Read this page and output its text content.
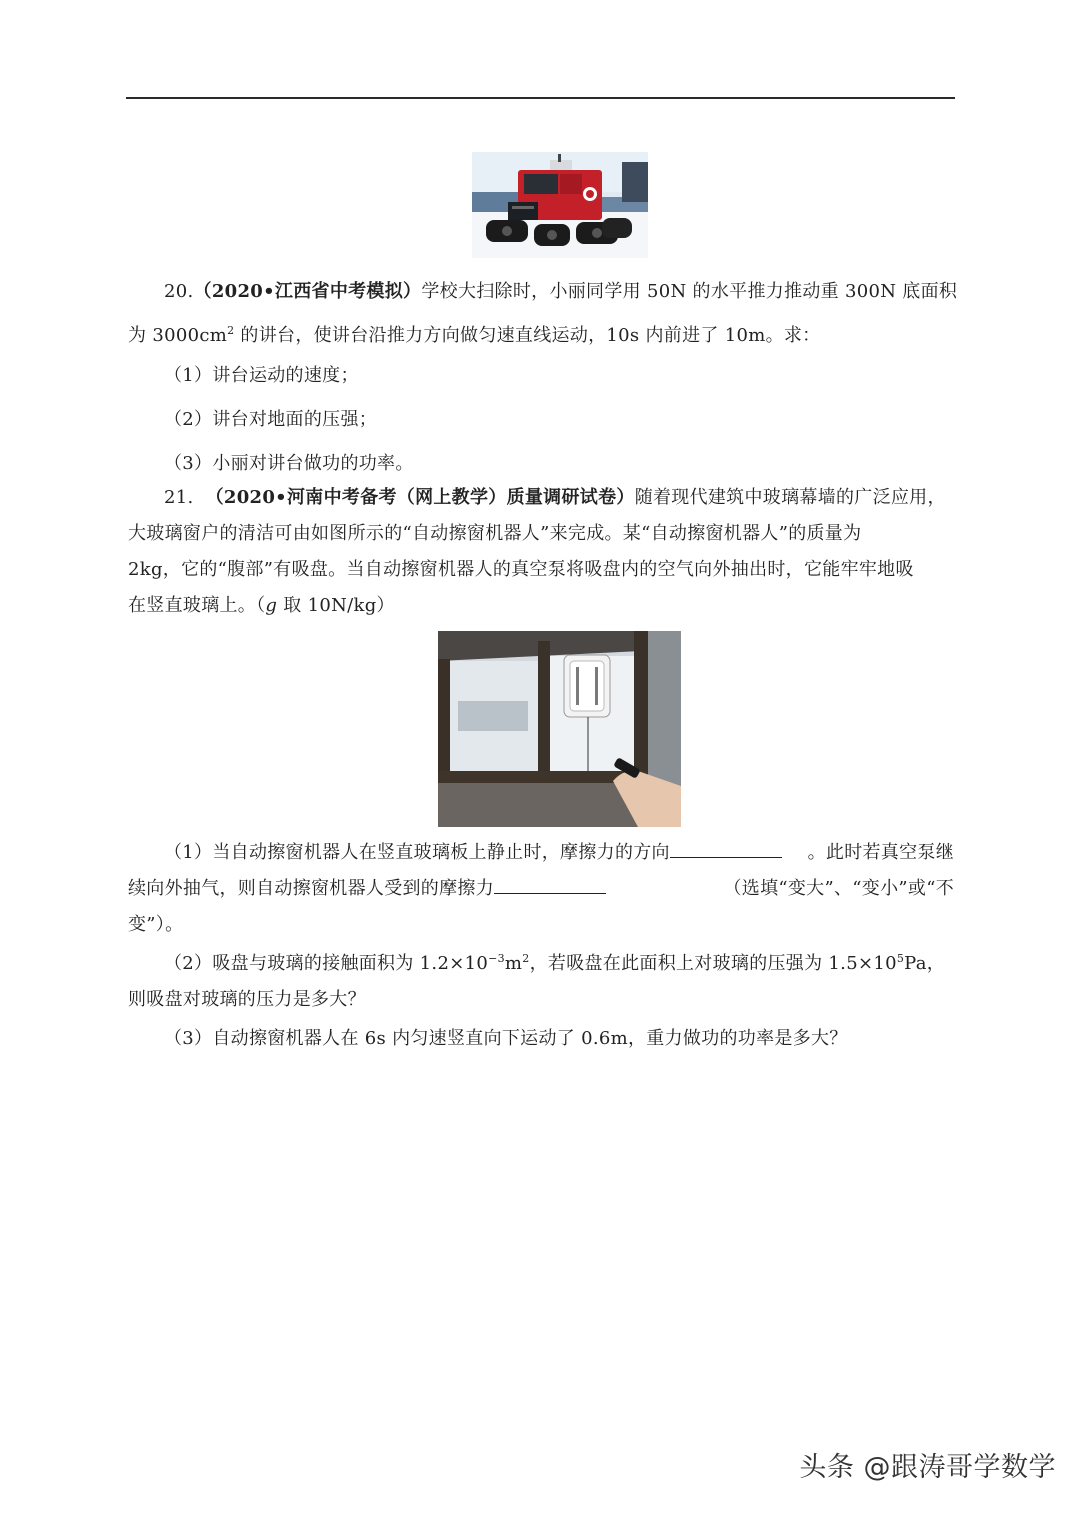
20.（2020•江西省中考模拟）学校大扫除时，小丽同学用 50N 的水平推力推动重 300N 底面积

为 $3000cm^2$ 的讲台，使讲台沿推力方向做匀速直线运动，10s 内前进了 10m。求：

（1）讲台运动的速度；

（2）讲台对地面的压强；

（3）小丽对讲台做功的功率。

21. （2020•河南中考备考（网上教学）质量调研试卷）随着现代建筑中玻璃幕墙的广泛应用，

大玻璃窗户的清洁可由如图所示的“自动擦窗机器人”来完成。某“自动擦窗机器人”的质量为

2kg，它的“腹部”有吸盘。当自动擦窗机器人的真空泵将吸盘内的空气向外抽出时，它能牢牢地吸

在竖直玻璃上。（g 取 10N/kg）

（1）当自动擦窗机器人在竖直玻璃板上静止时，摩擦力的方向	。此时若真空泵继

续向外抽气，则自动擦窗机器人受到的摩擦力	（选填“变大”、“变小”或“不

变”）。

（2）吸盘与玻璃的接触面积为 $1.2\times 10^{-3}m^2$，若吸盘在此面积上对玻璃的压强为 $1.5\times 10^5Pa$，

则吸盘对玻璃的压力是多大？

（3）自动擦窗机器人在 6s 内匀速竖直向下运动了 0.6m，重力做功的功率是多大？

头条 @跟涛哥学数学
